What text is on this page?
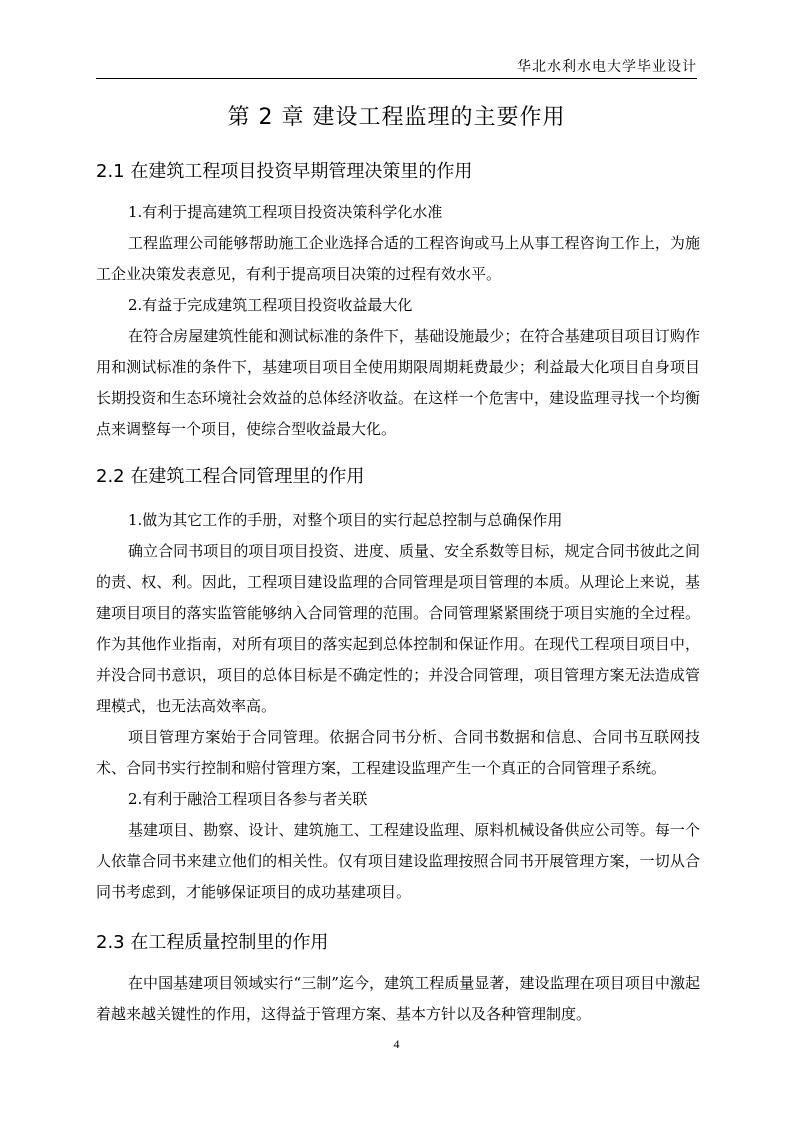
华北水利水电大学毕业设计
第 2 章 建设工程监理的主要作用
2.1 在建筑工程项目投资早期管理决策里的作用
1.有利于提高建筑工程项目投资决策科学化水准
工程监理公司能够帮助施工企业选择合适的工程咨询或马上从事工程咨询工作上，为施工企业决策发表意见，有利于提高项目决策的过程有效水平。
2.有益于完成建筑工程项目投资收益最大化
在符合房屋建筑性能和测试标准的条件下，基础设施最少；在符合基建项目项目订购作用和测试标准的条件下，基建项目项目全使用期限周期耗费最少；利益最大化项目自身项目长期投资和生态环境社会效益的总体经济收益。在这样一个危害中，建设监理寻找一个均衡点来调整每一个项目，使综合型收益最大化。
2.2 在建筑工程合同管理里的作用
1.做为其它工作的手册，对整个项目的实行起总控制与总确保作用
确立合同书项目的项目项目投资、进度、质量、安全系数等目标，规定合同书彼此之间的责、权、利。因此，工程项目建设监理的合同管理是项目管理的本质。从理论上来说，基建项目项目的落实监管能够纳入合同管理的范围。合同管理紧紧围绕于项目实施的全过程。作为其他作业指南，对所有项目的落实起到总体控制和保证作用。在现代工程项目项目中，并没合同书意识，项目的总体目标是不确定性的；并没合同管理，项目管理方案无法造成管理模式，也无法高效率高。
项目管理方案始于合同管理。依据合同书分析、合同书数据和信息、合同书互联网技术、合同书实行控制和赔付管理方案，工程建设监理产生一个真正的合同管理子系统。
2.有利于融洽工程项目各参与者关联
基建项目、勘察、设计、建筑施工、工程建设监理、原料机械设备供应公司等。每一个人依靠合同书来建立他们的相关性。仅有项目建设监理按照合同书开展管理方案，一切从合同书考虑到，才能够保证项目的成功基建项目。
2.3 在工程质量控制里的作用
在中国基建项目领域实行“三制”迄今，建筑工程质量显著，建设监理在项目项目中激起着越来越关键性的作用，这得益于管理方案、基本方针以及各种管理制度。
4
